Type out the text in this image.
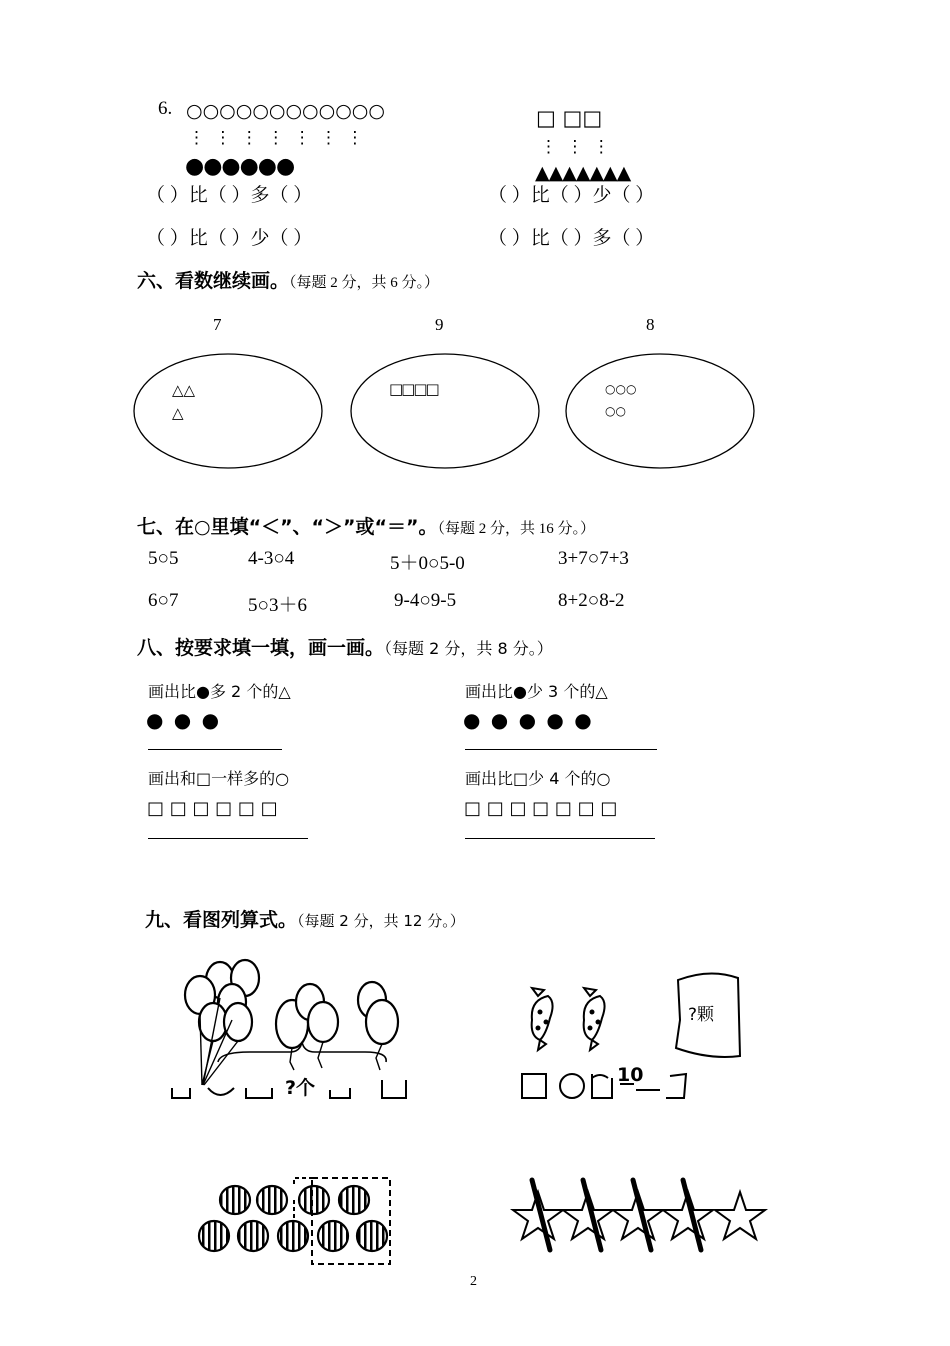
6. ○○○○○○○○○○○○
⋮ ⋮ ⋮ ⋮ ⋮ ⋮ ⋮
●●●●●●
（ ）比（ ）多（ ）
（ ）比（ ）少（ ）
□ □□
⋮ ⋮ ⋮
▲▲▲▲▲▲▲
（ ）比（ ）少（ ）
（ ）比（ ）多（ ）
六、看数继续画。（每题 2 分，共 6 分。）
7	9	8
△△
△
□□□□	○○○
○○
七、在○里填“＜”、“＞”或“＝”。（每题 2 分，共 16 分。）
5○5	4-3○4	5＋0○5-0	3+7○7+3
6○7	5○3＋6	9-4○9-5	8+2○8-2
八、按要求填一填，画一画。（每题 2 分，共 8 分。）
画出比●多 2 个的△
● ● ●
画出比●少 3 个的△
● ● ● ● ●
画出和□一样多的○
□ □ □ □ □ □
画出比□少 4 个的○
□ □ □ □ □ □ □
九、看图列算式。（每题 2 分，共 12 分。）
?个
?颗
10
2
